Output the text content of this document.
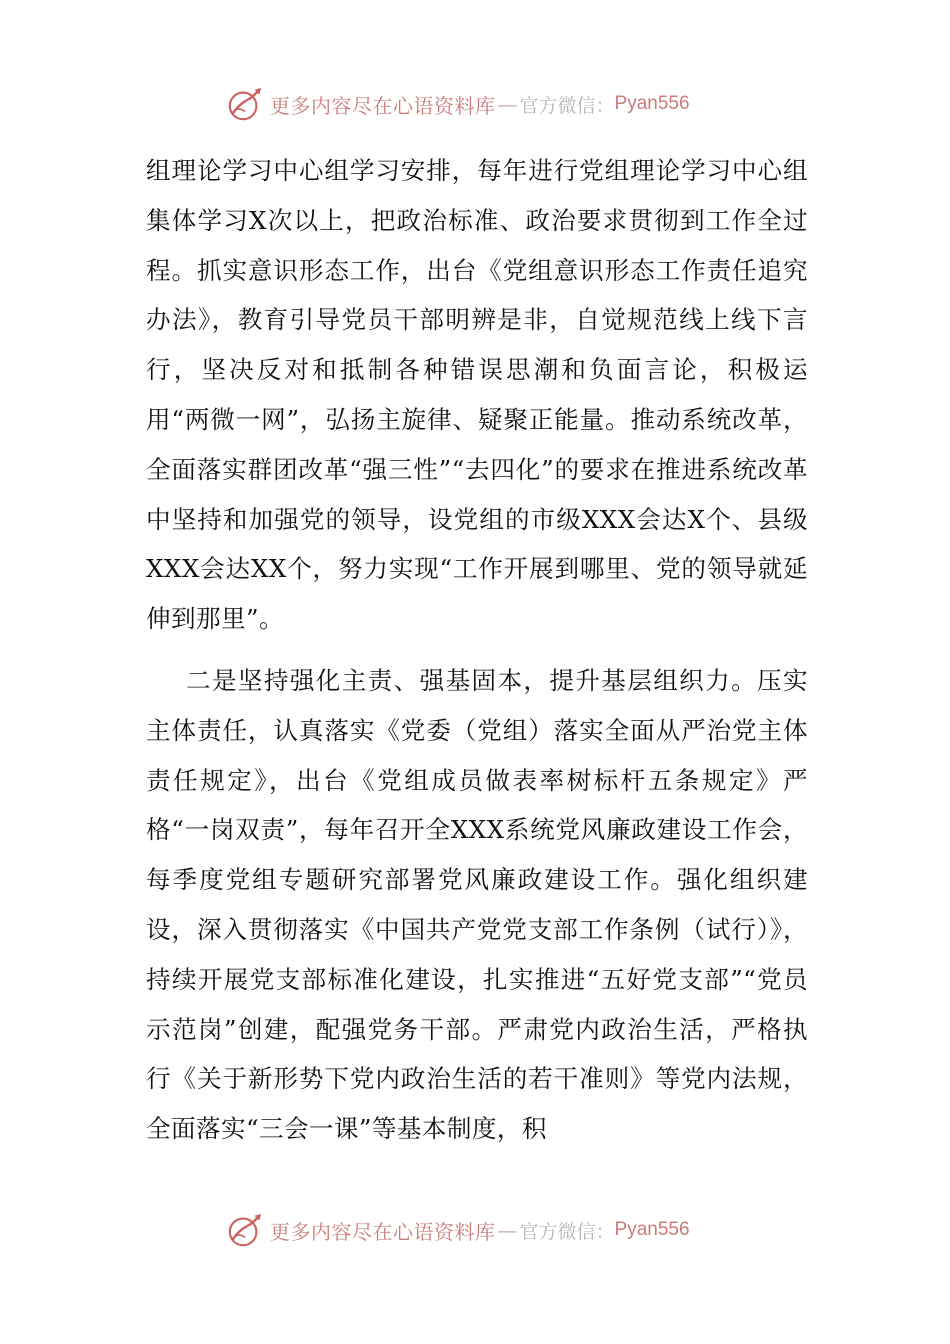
更多内容尽在心语资料库 — 官方微信： Pyan556

组理论学习中心组学习安排，每年进行党组理论学习中心组集体学习X次以上，把政治标准、政治要求贯彻到工作全过程。抓实意识形态工作，出台《党组意识形态工作责任追究办法》，教育引导党员干部明辨是非，自觉规范线上线下言行，坚决反对和抵制各种错误思潮和负面言论，积极运用“两微一网”，弘扬主旋律、疑聚正能量。推动系统改革，全面落实群团改革“强三性”“去四化”的要求在推进系统改革中坚持和加强党的领导，设党组的市级XXX会达X个、县级XXX会达XX个，努力实现“工作开展到哪里、党的领导就延伸到那里”。

二是坚持强化主责、强基固本，提升基层组织力。压实主体责任，认真落实《党委（党组）落实全面从严治党主体责任规定》，出台《党组成员做表率树标杆五条规定》严格“一岗双责”，每年召开全XXX系统党风廉政建设工作会，每季度党组专题研究部署党风廉政建设工作。强化组织建设，深入贯彻落实《中国共产党党支部工作条例（试行）》，持续开展党支部标准化建设，扎实推进“五好党支部”“党员示范岗”创建，配强党务干部。严肃党内政治生活，严格执行《关于新形势下党内政治生活的若干准则》等党内法规，全面落实“三会一课”等基本制度，积

更多内容尽在心语资料库 — 官方微信： Pyan556
